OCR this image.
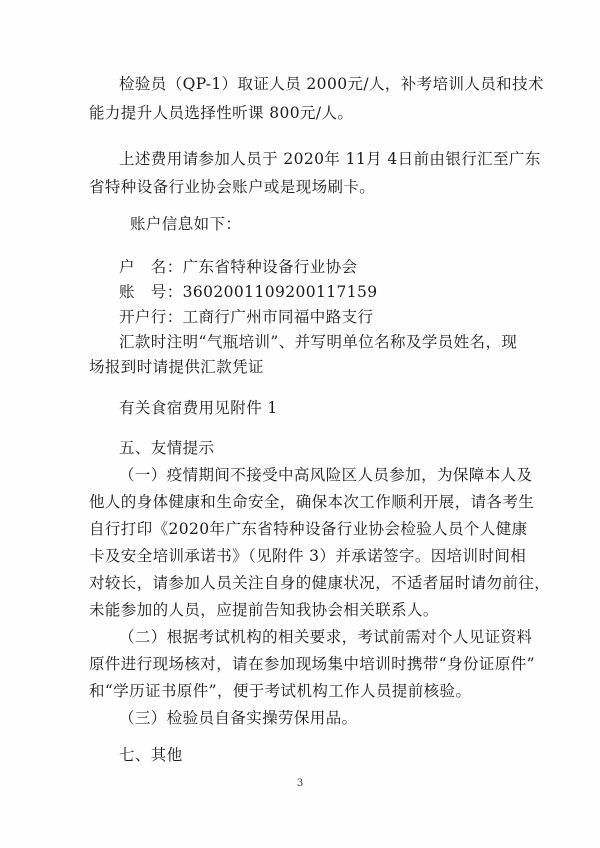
检验员（QP-1）取证人员 2000元/人，补考培训人员和技术
能力提升人员选择性听课 800元/人。
上述费用请参加人员于 2020年 11月 4日前由银行汇至广东
省特种设备行业协会账户或是现场刷卡。
账户信息如下：
户　名：广东省特种设备行业协会
账　号：3602001109200117159
开户行：工商行广州市同福中路支行
汇款时注明“气瓶培训”、并写明单位名称及学员姓名，现
场报到时请提供汇款凭证
有关食宿费用见附件 1
五、友情提示
（一）疫情期间不接受中高风险区人员参加，为保障本人及
他人的身体健康和生命安全，确保本次工作顺利开展，请各考生
自行打印《2020年广东省特种设备行业协会检验人员个人健康
卡及安全培训承诺书》（见附件 3）并承诺签字。因培训时间相
对较长，请参加人员关注自身的健康状况，不适者届时请勿前往，
未能参加的人员，应提前告知我协会相关联系人。
（二）根据考试机构的相关要求，考试前需对个人见证资料
原件进行现场核对，请在参加现场集中培训时携带“身份证原件”
和“学历证书原件”，便于考试机构工作人员提前核验。
（三）检验员自备实操劳保用品。
七、其他
3
